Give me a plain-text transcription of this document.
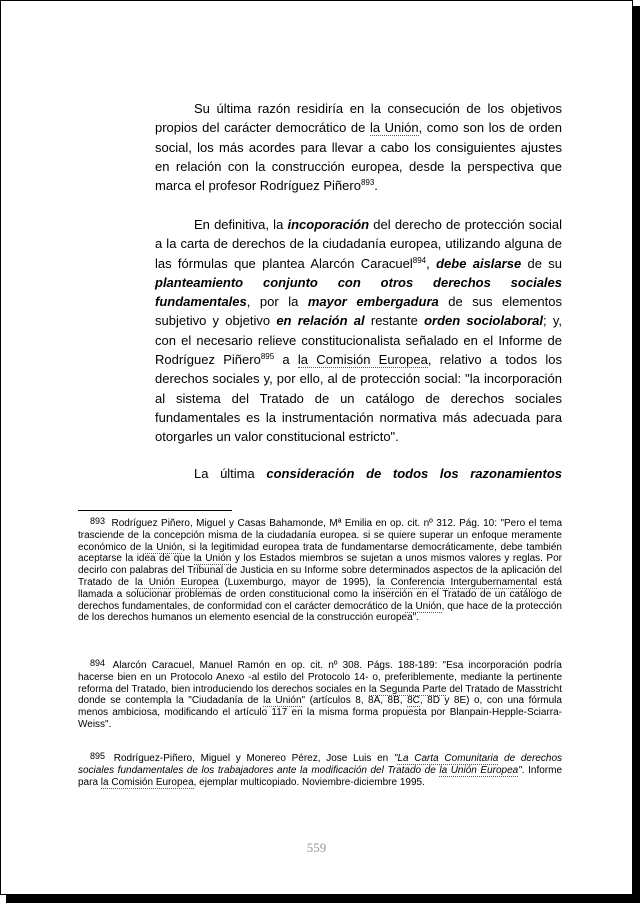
Su última razón residiría en la consecución de los objetivos propios del carácter democrático de la Unión, como son los de orden social, los más acordes para llevar a cabo los consiguientes ajustes en relación con la construcción europea, desde la perspectiva que marca el profesor Rodríguez Piñero$^{893}$.
En definitiva, la incoporación del derecho de protección social a la carta de derechos de la ciudadanía europea, utilizando alguna de las fórmulas que plantea Alarcón Caracuel$^{894}$, debe aislarse de su planteamiento conjunto con otros derechos sociales fundamentales, por la mayor embergadura de sus elementos subjetivo y objetivo en relación al restante orden sociolaboral; y, con el necesario relieve constitucionalista señalado en el Informe de Rodríguez Piñero$^{895}$ a la Comisión Europea, relativo a todos los derechos sociales y, por ello, al de protección social: "la incorporación al sistema del Tratado de un catálogo de derechos sociales fundamentales es la instrumentación normativa más adecuada para otorgarles un valor constitucional estricto".
La última consideración de todos los razonamientos
893 Rodríguez Piñero, Miguel y Casas Bahamonde, Mª Emilia en op. cit. nº 312. Pág. 10: "Pero el tema trasciende de la concepción misma de la ciudadanía europea. si se quiere superar un enfoque meramente económico de la Unión, si la legitimidad europea trata de fundamentarse democráticamente, debe también aceptarse la idea de que la Unión y los Estados miembros se sujetan a unos mismos valores y reglas. Por decirlo con palabras del Tribunal de Justicia en su Informe sobre determinados aspectos de la aplicación del Tratado de la Unión Europea (Luxemburgo, mayor de 1995), la Conferencia Intergubernamental está llamada a solucionar problemas de orden constitucional como la inserción en el Tratado de un catálogo de derechos fundamentales, de conformidad con el carácter democrático de la Unión, que hace de la protección de los derechos humanos un elemento esencial de la construcción europea".
894 Alarcón Caracuel, Manuel Ramón en op. cit. nº 308. Págs. 188-189: "Esa incorporación podría hacerse bien en un Protocolo Anexo -al estilo del Protocolo 14- o, preferiblemente, mediante la pertinente reforma del Tratado, bien introduciendo los derechos sociales en la Segunda Parte del Tratado de Masstricht donde se contempla la "Ciudadanía de la Unión" (artículos 8, 8A, 8B, 8C, 8D y 8E) o, con una fórmula menos ambiciosa, modificando el artículo 117 en la misma forma propuesta por Blanpain-Hepple-Sciarra- Weiss".
895 Rodríguez-Piñero, Miguel y Monereo Pérez, Jose Luis en "La Carta Comunitaria de derechos sociales fundamentales de los trabajadores ante la modificación del Tratado de la Unión Europea". Informe para la Comisión Europea, ejemplar multicopiado. Noviembre-diciembre 1995.
559
